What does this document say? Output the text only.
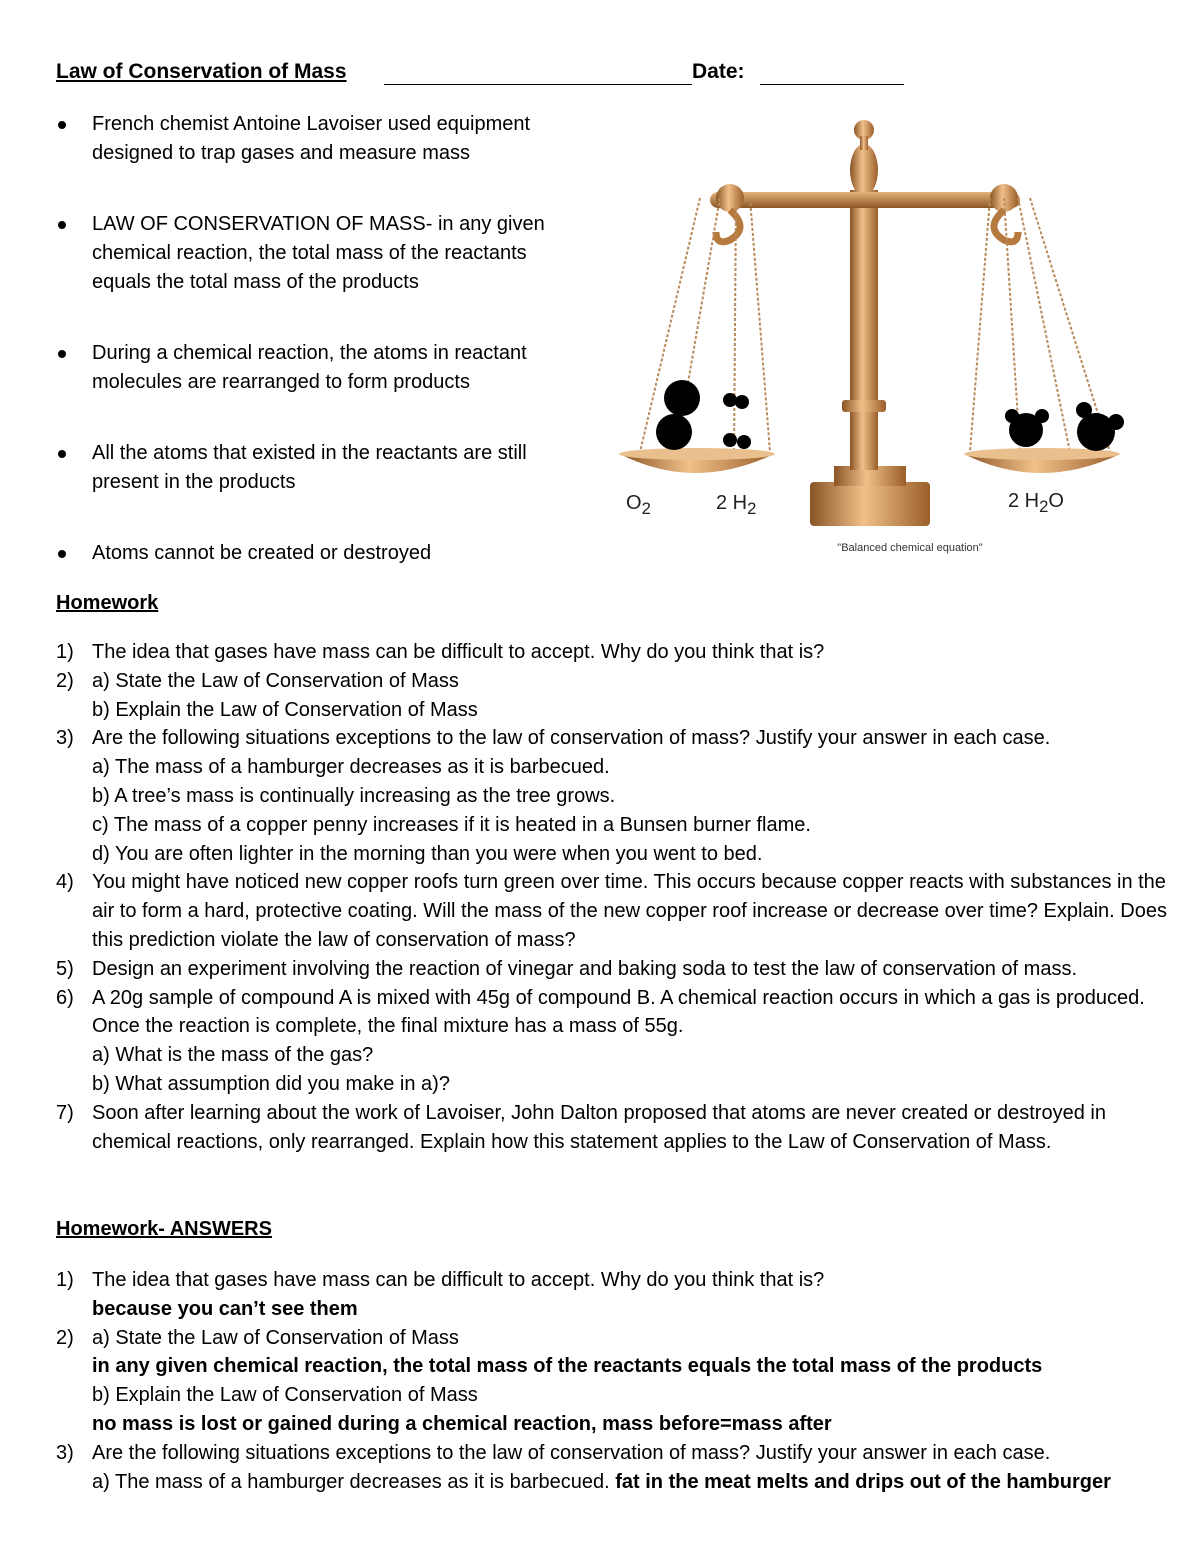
Law of Conservation of Mass	Date:
French chemist Antoine Lavoiser used equipment designed to trap gases and measure mass
LAW OF CONSERVATION OF MASS- in any given chemical reaction, the total mass of the reactants equals the total mass of the products
During a chemical reaction, the atoms in reactant molecules are rearranged to form products
All the atoms that existed in the reactants are still present in the products
Atoms cannot be created or destroyed
$O_2$	2 $H_2$	2 $H_2O$
"Balanced chemical equation"
Homework
1) The idea that gases have mass can be difficult to accept. Why do you think that is?
2) a) State the Law of Conservation of Mass
b) Explain the Law of Conservation of Mass
3) Are the following situations exceptions to the law of conservation of mass? Justify your answer in each case.
a) The mass of a hamburger decreases as it is barbecued.
b) A tree’s mass is continually increasing as the tree grows.
c) The mass of a copper penny increases if it is heated in a Bunsen burner flame.
d) You are often lighter in the morning than you were when you went to bed.
4) You might have noticed new copper roofs turn green over time. This occurs because copper reacts with substances in the air to form a hard, protective coating. Will the mass of the new copper roof increase or decrease over time? Explain. Does this prediction violate the law of conservation of mass?
5) Design an experiment involving the reaction of vinegar and baking soda to test the law of conservation of mass.
6) A 20g sample of compound A is mixed with 45g of compound B. A chemical reaction occurs in which a gas is produced. Once the reaction is complete, the final mixture has a mass of 55g.
a) What is the mass of the gas?
b) What assumption did you make in a)?
7) Soon after learning about the work of Lavoiser, John Dalton proposed that atoms are never created or destroyed in chemical reactions, only rearranged. Explain how this statement applies to the Law of Conservation of Mass.
Homework- ANSWERS
1) The idea that gases have mass can be difficult to accept. Why do you think that is?
because you can’t see them
2) a) State the Law of Conservation of Mass
in any given chemical reaction, the total mass of the reactants equals the total mass of the products
b) Explain the Law of Conservation of Mass
no mass is lost or gained during a chemical reaction, mass before=mass after
3) Are the following situations exceptions to the law of conservation of mass? Justify your answer in each case.
a) The mass of a hamburger decreases as it is barbecued. fat in the meat melts and drips out of the hamburger
